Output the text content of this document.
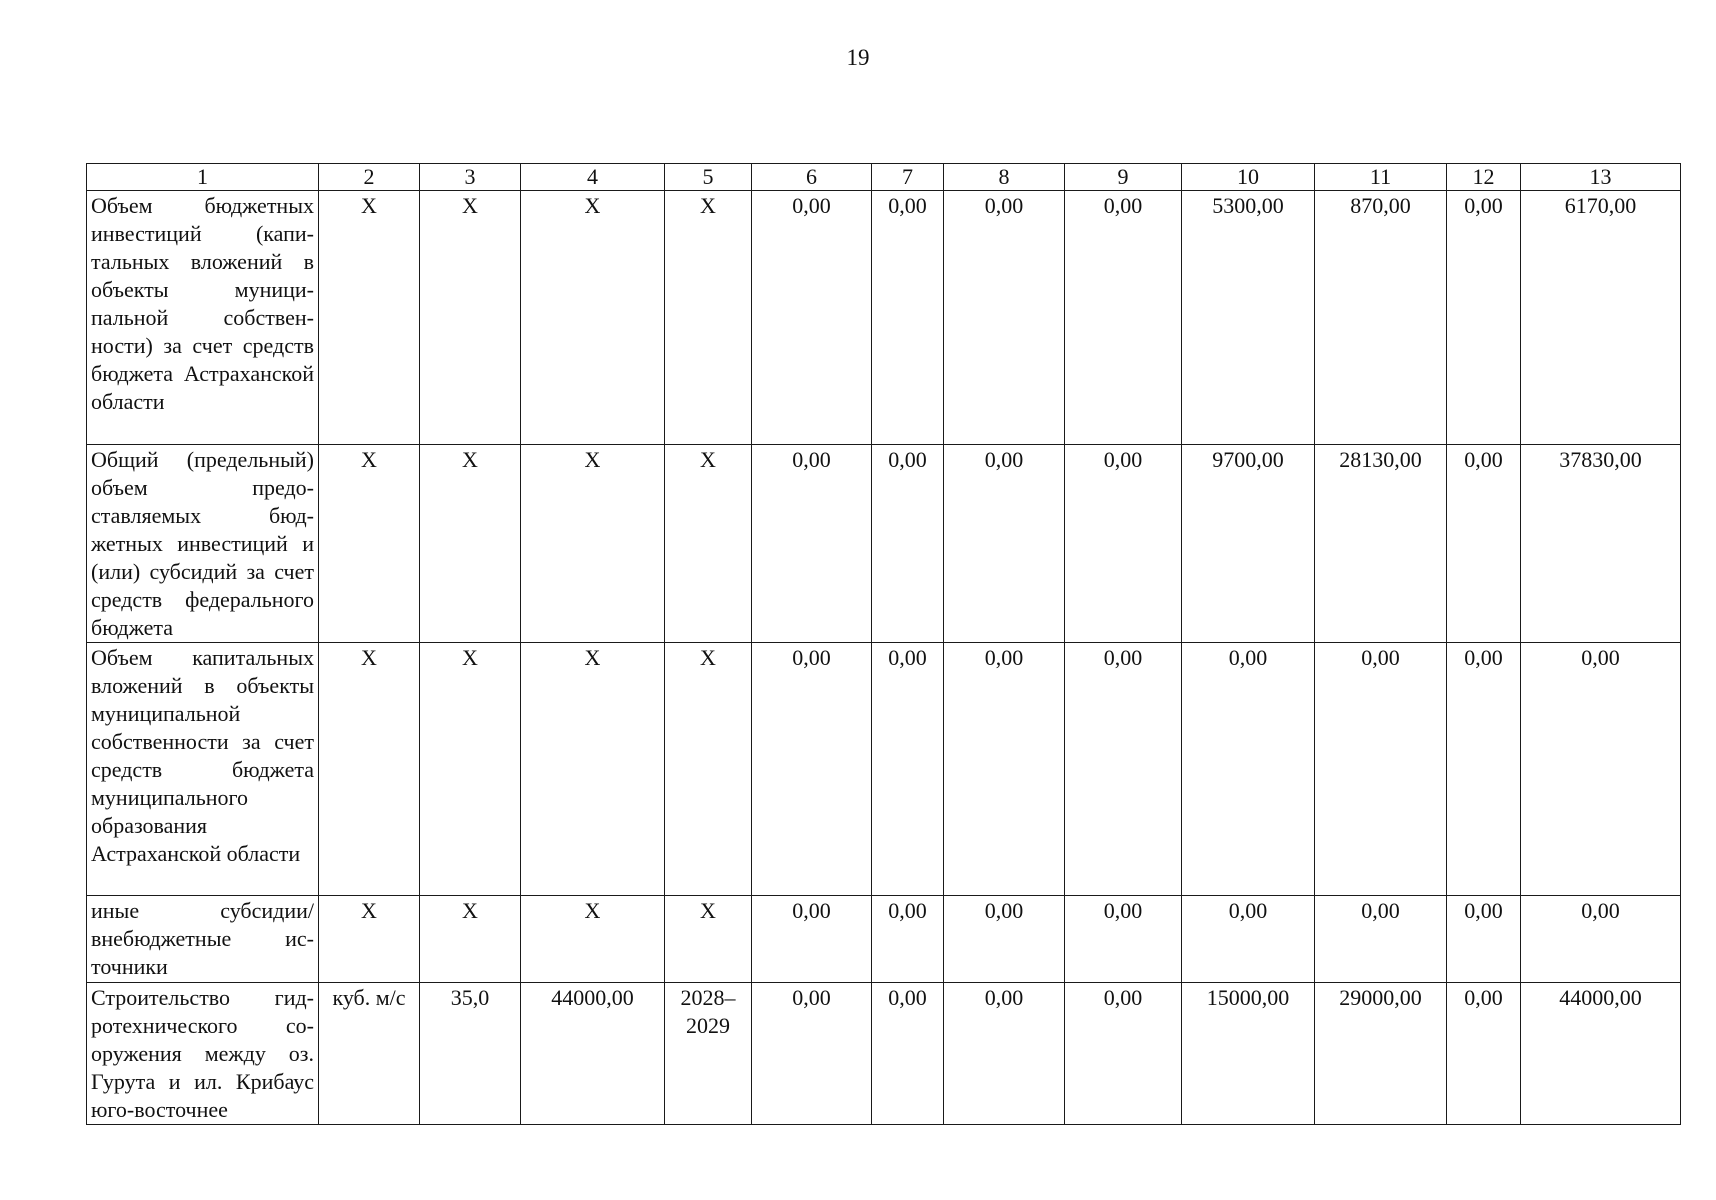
19
1	2	3	4	5	6	7	8	9	10	11	12	13
Объем бюджетных инвестиций (капитальных вложений в объекты муниципальной собственности) за счет средств бюджета Астраханской области	X	X	X	X	0,00	0,00	0,00	0,00	5300,00	870,00	0,00	6170,00
Общий (предельный) объем предоставляемых бюджетных инвестиций и (или) субсидий за счет средств федерального бюджета	X	X	X	X	0,00	0,00	0,00	0,00	9700,00	28130,00	0,00	37830,00
Объем капитальных вложений в объекты муниципальной собственности за счет средств бюджета муниципального образования Астраханской области	X	X	X	X	0,00	0,00	0,00	0,00	0,00	0,00	0,00	0,00
иные субсидии/ внебюджетные источники	X	X	X	X	0,00	0,00	0,00	0,00	0,00	0,00	0,00	0,00
Строительство гидротехнического сооружения между оз. Гурута и ил. Крибаус юго-восточнее	куб. м/с	35,0	44000,00	2028–2029	0,00	0,00	0,00	0,00	15000,00	29000,00	0,00	44000,00
